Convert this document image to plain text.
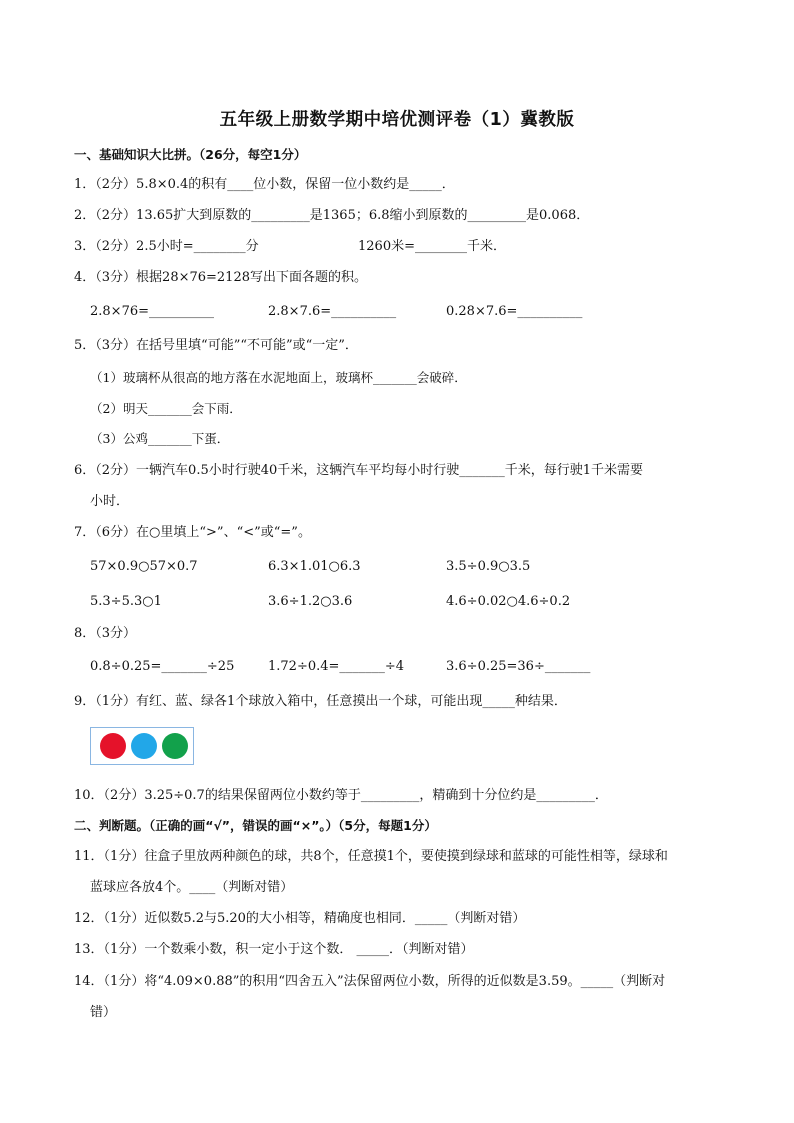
五年级上册数学期中培优测评卷（1）冀教版
一、基础知识大比拼。（26分，每空1分）
1．（2分）5.8×0.4的积有____位小数，保留一位小数约是_____．
2．（2分）13.65扩大到原数的_________是1365；6.8缩小到原数的_________是0.068．
3．（2分）2.5小时=________分	1260米=________千米．
4．（3分）根据28×76=2128写出下面各题的积。
2.8×76=__________	2.8×7.6=__________	0.28×7.6=__________
5．（3分）在括号里填“可能”“不可能”或“一定”．
（1）玻璃杯从很高的地方落在水泥地面上，玻璃杯_______会破碎．
（2）明天_______会下雨．
（3）公鸡_______下蛋．
6．（2分）一辆汽车0.5小时行驶40千米，这辆汽车平均每小时行驶_______千米，每行驶1千米需要
小时．
7．（6分）在○里填上“>”、“<”或“=”。
57×0.9○57×0.7	6.3×1.01○6.3	3.5÷0.9○3.5
5.3÷5.3○1	3.6÷1.2○3.6	4.6÷0.02○4.6÷0.2
8．（3分）
0.8÷0.25=_______÷25	1.72÷0.4=_______÷4	3.6÷0.25=36÷_______
9．（1分）有红、蓝、绿各1个球放入箱中，任意摸出一个球，可能出现_____种结果．
10．（2分）3.25÷0.7的结果保留两位小数约等于_________，精确到十分位约是_________．
二、判断题。（正确的画“√”，错误的画“×”。）（5分，每题1分）
11．（1分）往盒子里放两种颜色的球，共8个，任意摸1个，要使摸到绿球和蓝球的可能性相等，绿球和
蓝球应各放4个。____（判断对错）
12．（1分）近似数5.2与5.20的大小相等，精确度也相同．_____（判断对错）
13．（1分）一个数乘小数，积一定小于这个数． _____．（判断对错）
14．（1分）将“4.09×0.88”的积用“四舍五入”法保留两位小数，所得的近似数是3.59。_____（判断对
错）
